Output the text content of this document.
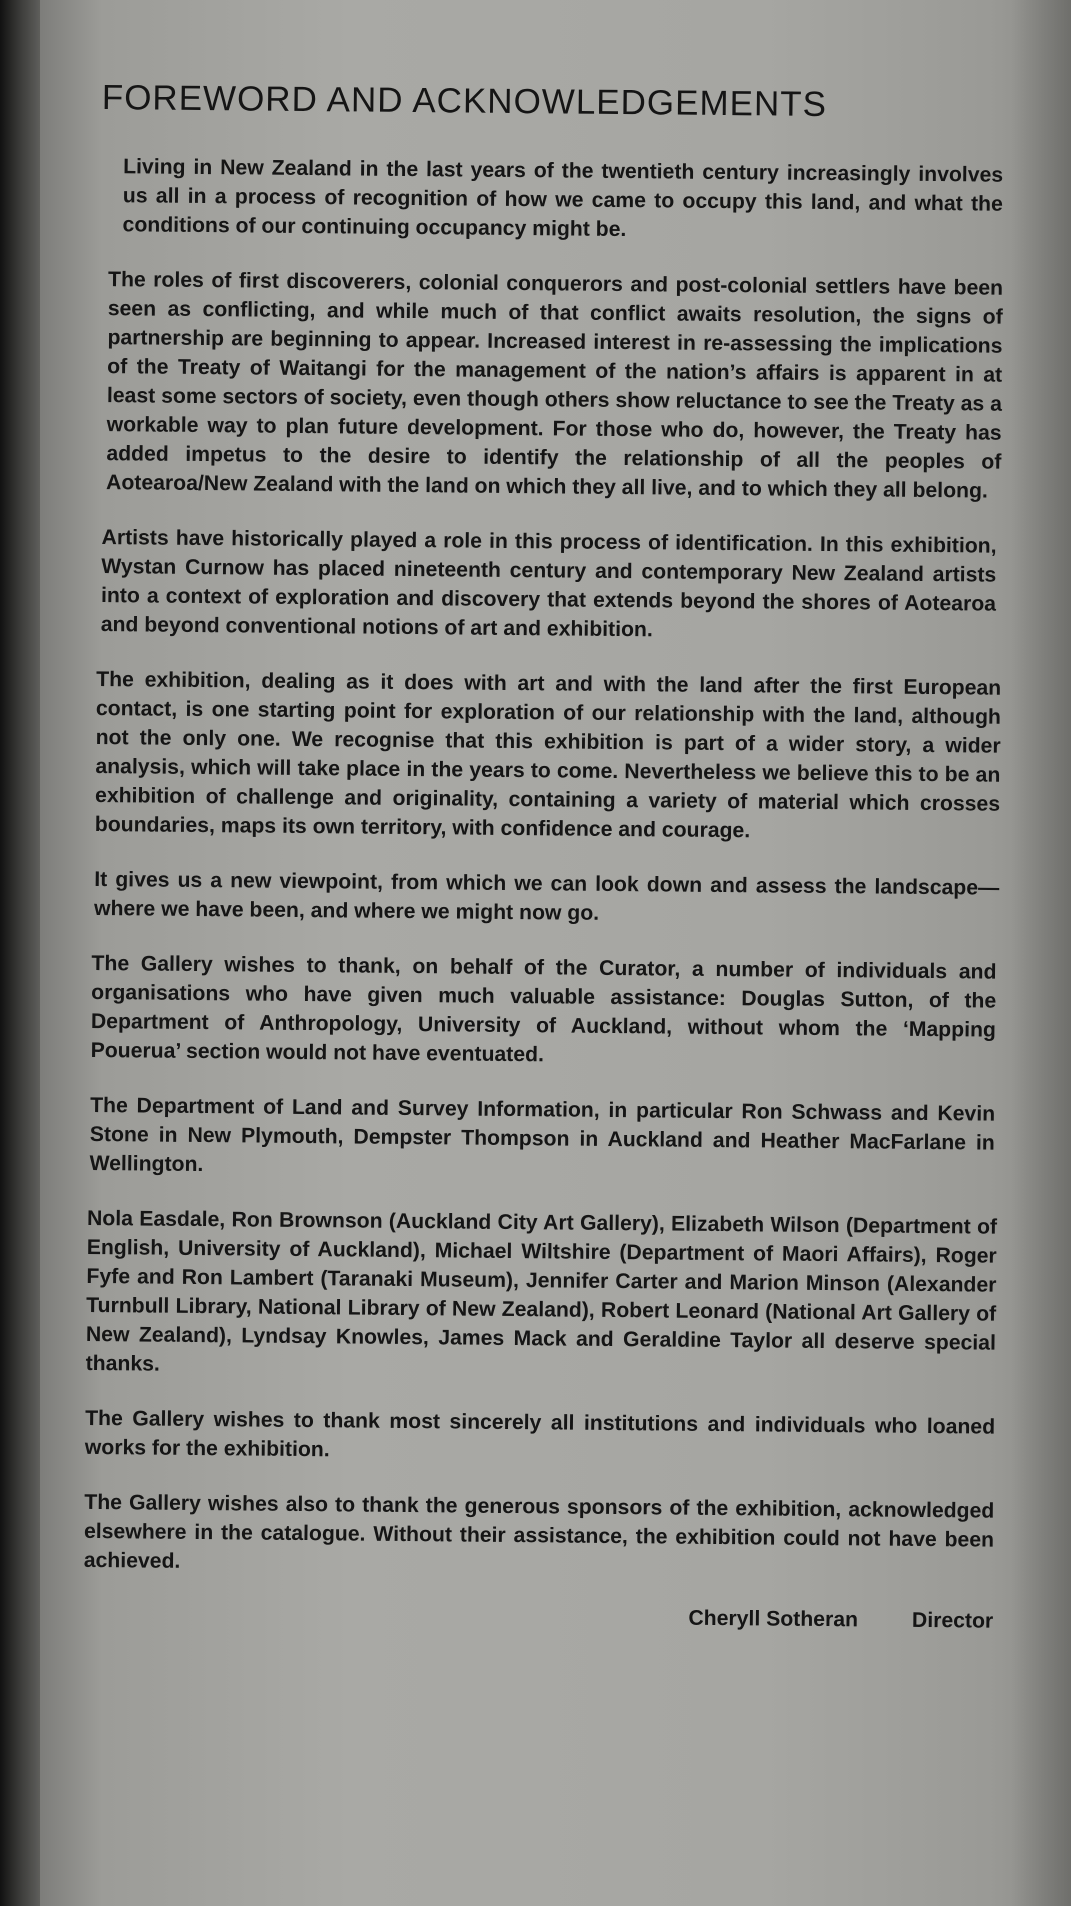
FOREWORD AND ACKNOWLEDGEMENTS

Living in New Zealand in the last years of the twentieth century increasingly involves us all in a process of recognition of how we came to occupy this land, and what the conditions of our continuing occupancy might be.

The roles of first discoverers, colonial conquerors and post-colonial settlers have been seen as conflicting, and while much of that conflict awaits resolution, the signs of partnership are beginning to appear. Increased interest in re-assessing the implications of the Treaty of Waitangi for the management of the nation’s affairs is apparent in at least some sectors of society, even though others show reluctance to see the Treaty as a workable way to plan future development. For those who do, however, the Treaty has added impetus to the desire to identify the relationship of all the peoples of Aotearoa/New Zealand with the land on which they all live, and to which they all belong.

Artists have historically played a role in this process of identification. In this exhibition, Wystan Curnow has placed nineteenth century and contemporary New Zealand artists into a context of exploration and discovery that extends beyond the shores of Aotearoa and beyond conventional notions of art and exhibition.

The exhibition, dealing as it does with art and with the land after the first European contact, is one starting point for exploration of our relationship with the land, although not the only one. We recognise that this exhibition is part of a wider story, a wider analysis, which will take place in the years to come. Nevertheless we believe this to be an exhibition of challenge and originality, containing a variety of material which crosses boundaries, maps its own territory, with confidence and courage.

It gives us a new viewpoint, from which we can look down and assess the landscape—where we have been, and where we might now go.

The Gallery wishes to thank, on behalf of the Curator, a number of individuals and organisations who have given much valuable assistance: Douglas Sutton, of the Department of Anthropology, University of Auckland, without whom the ‘Mapping Pouerua’ section would not have eventuated.

The Department of Land and Survey Information, in particular Ron Schwass and Kevin Stone in New Plymouth, Dempster Thompson in Auckland and Heather MacFarlane in Wellington.

Nola Easdale, Ron Brownson (Auckland City Art Gallery), Elizabeth Wilson (Department of English, University of Auckland), Michael Wiltshire (Department of Maori Affairs), Roger Fyfe and Ron Lambert (Taranaki Museum), Jennifer Carter and Marion Minson (Alexander Turnbull Library, National Library of New Zealand), Robert Leonard (National Art Gallery of New Zealand), Lyndsay Knowles, James Mack and Geraldine Taylor all deserve special thanks.

The Gallery wishes to thank most sincerely all institutions and individuals who loaned works for the exhibition.

The Gallery wishes also to thank the generous sponsors of the exhibition, acknowledged elsewhere in the catalogue. Without their assistance, the exhibition could not have been achieved.

Cheryll Sotheran	Director
